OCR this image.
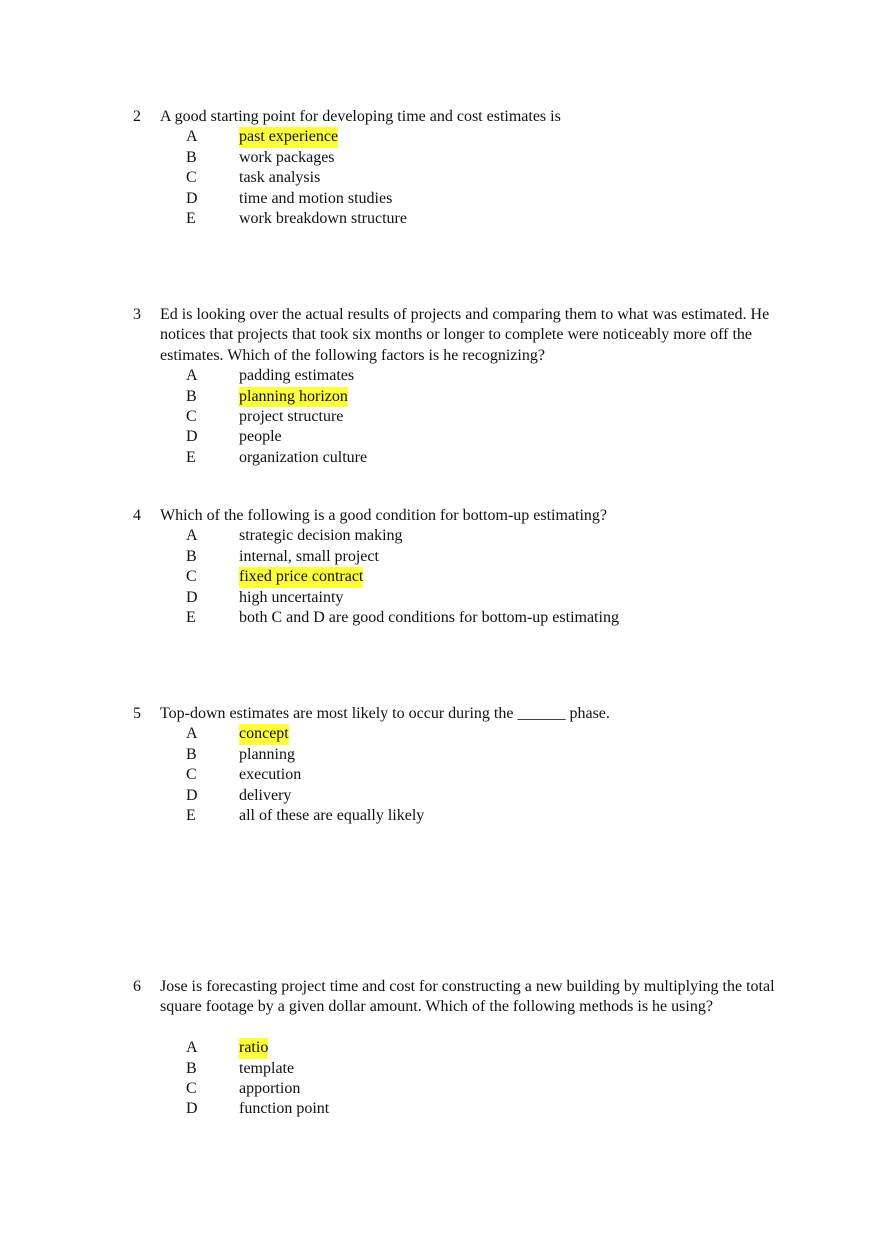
2 A good starting point for developing time and cost estimates is
A	past experience
B	work packages
C	task analysis
D	time and motion studies
E	work breakdown structure
3 Ed is looking over the actual results of projects and comparing them to what was estimated. He notices that projects that took six months or longer to complete were noticeably more off the estimates. Which of the following factors is he recognizing?
A	padding estimates
B	planning horizon
C	project structure
D	people
E	organization culture
4 Which of the following is a good condition for bottom-up estimating?
A	strategic decision making
B	internal, small project
C	fixed price contract
D	high uncertainty
E	both C and D are good conditions for bottom-up estimating
5 Top-down estimates are most likely to occur during the ______ phase.
A	concept
B	planning
C	execution
D	delivery
E	all of these are equally likely
6 Jose is forecasting project time and cost for constructing a new building by multiplying the total square footage by a given dollar amount. Which of the following methods is he using?
A	ratio
B	template
C	apportion
D	function point
